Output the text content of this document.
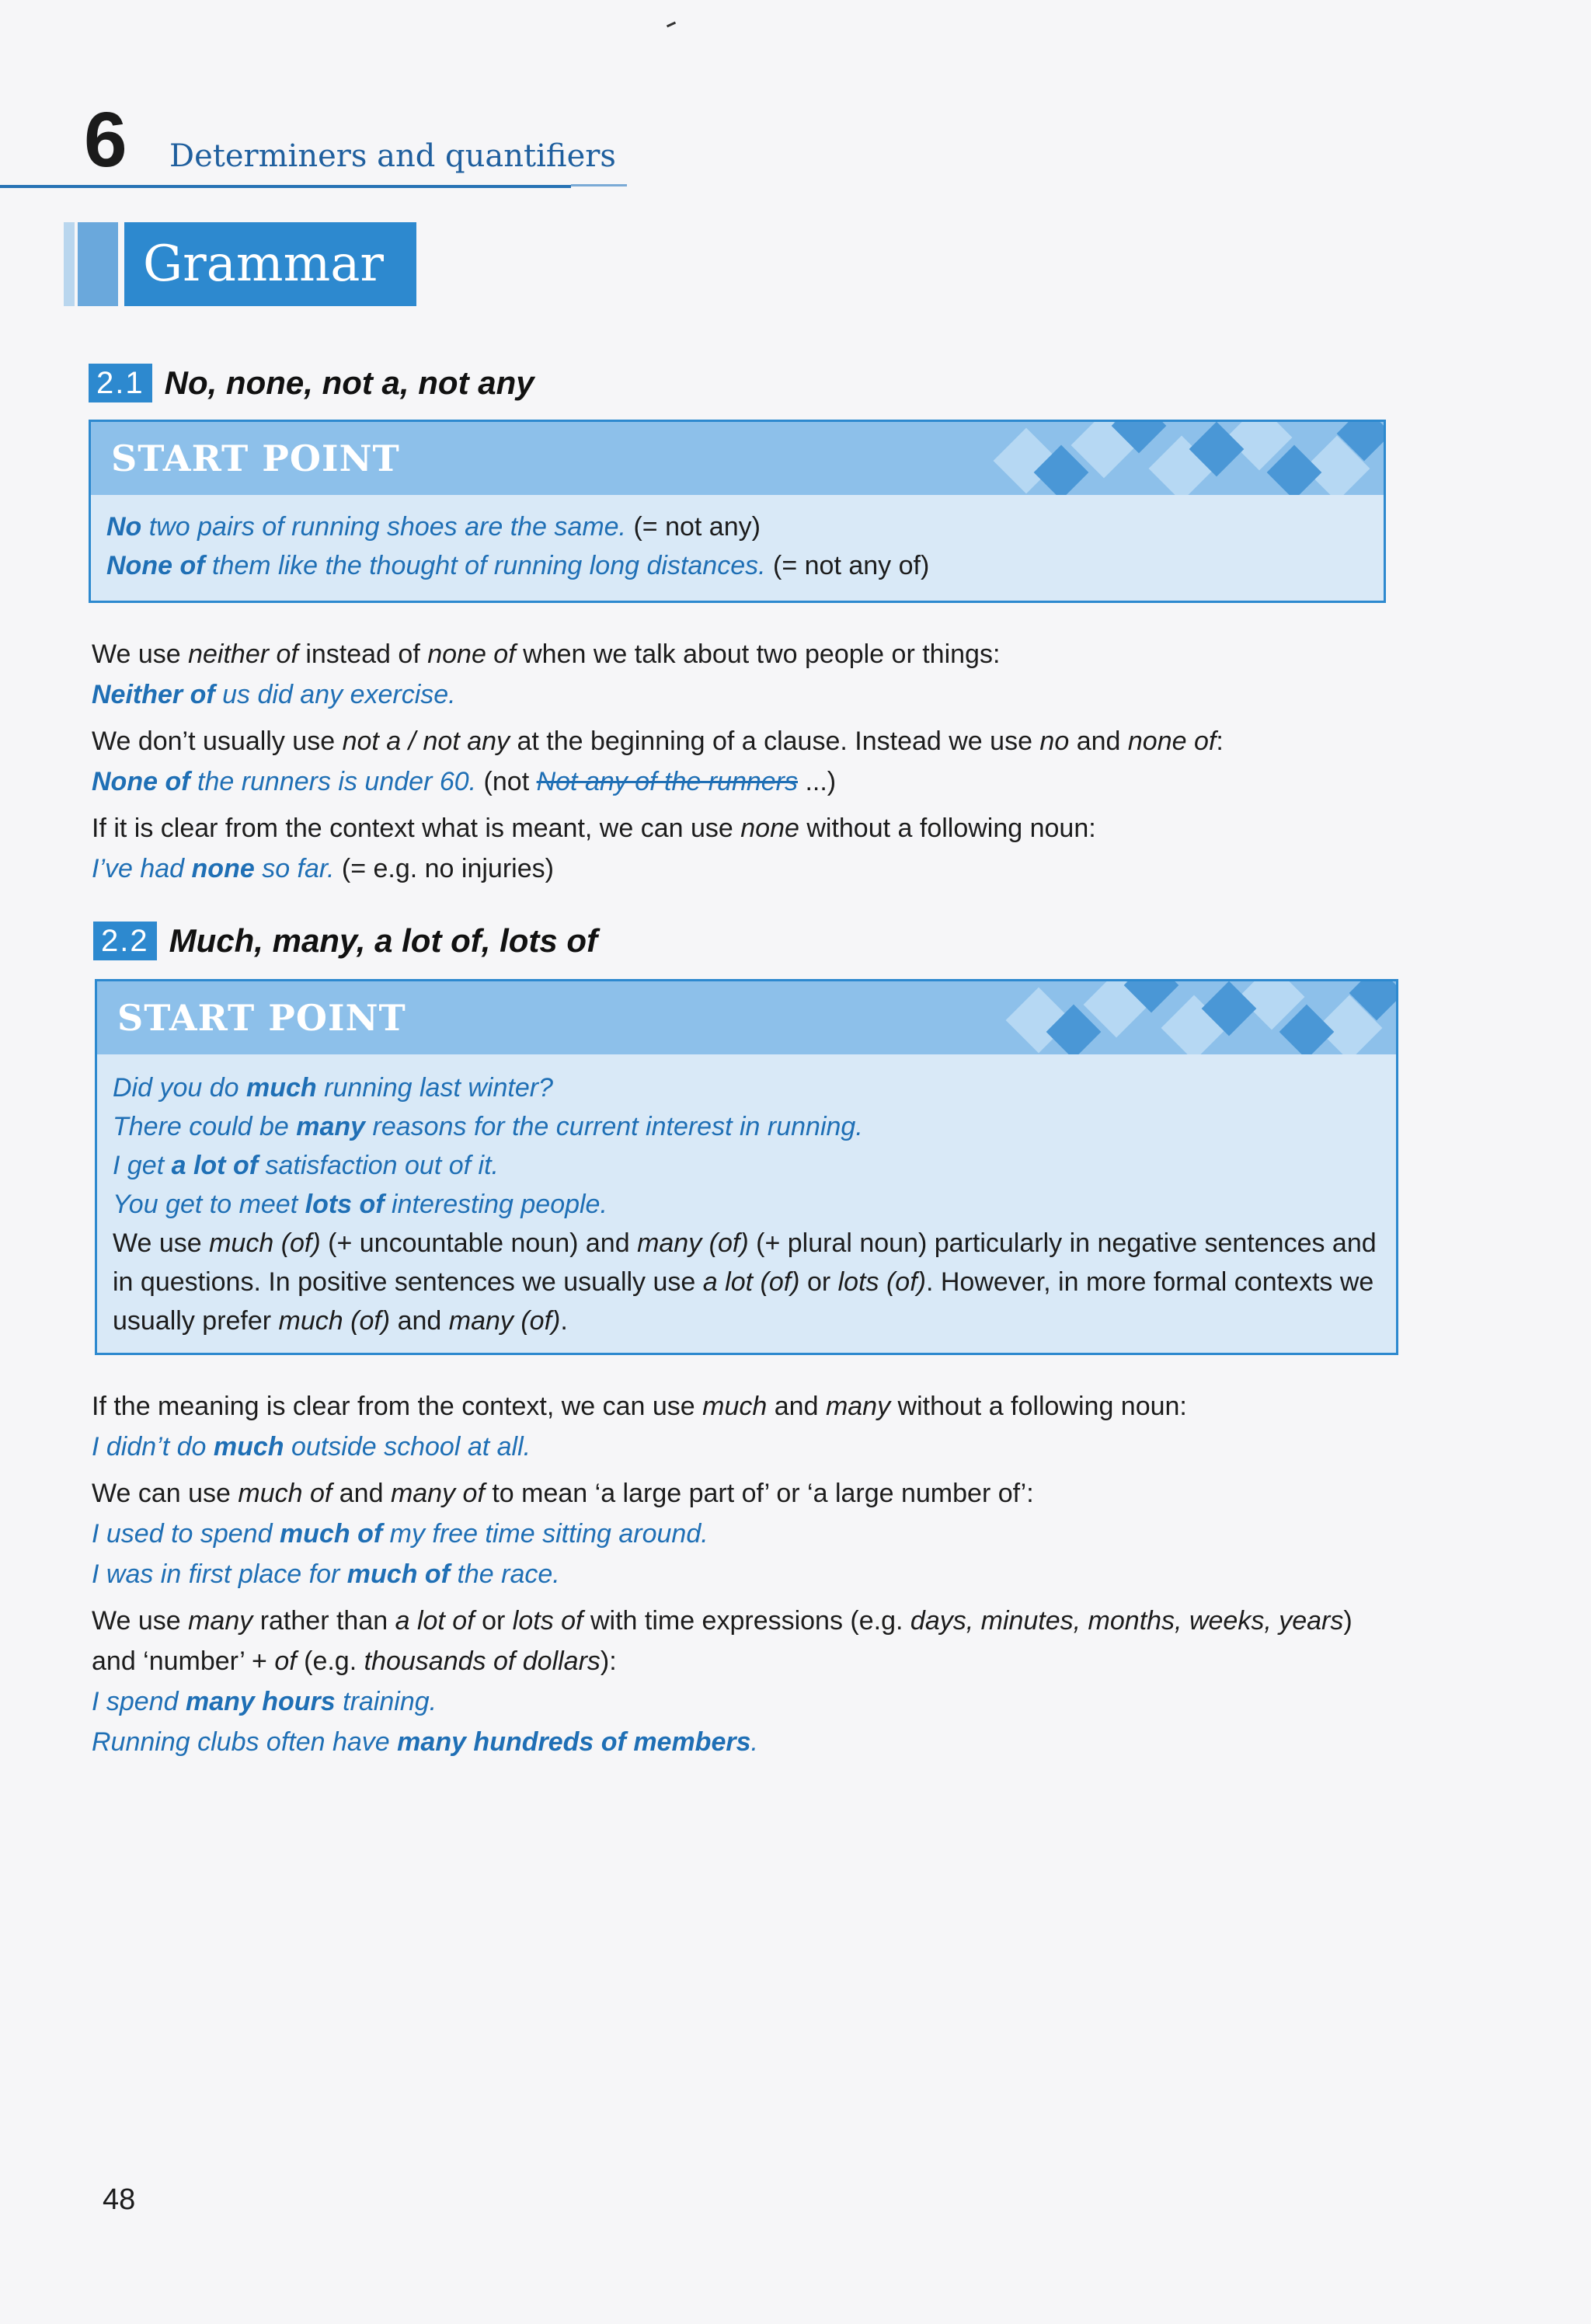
6 Determiners and quantifiers
Grammar
2.1 No, none, not a, not any
START POINT

No two pairs of running shoes are the same. (= not any)

None of them like the thought of running long distances. (= not any of)

We use neither of instead of none of when we talk about two people or things:

Neither of us did any exercise.

We don’t usually use not a / not any at the beginning of a clause. Instead we use no and none of:

None of the runners is under 60. (not Not any of the runners ...)

If it is clear from the context what is meant, we can use none without a following noun:

I’ve had none so far. (= e.g. no injuries)

2.2 Much, many, a lot of, lots of
START POINT

Did you do much running last winter?

There could be many reasons for the current interest in running.

I get a lot of satisfaction out of it.

You get to meet lots of interesting people.

We use much (of) (+ uncountable noun) and many (of) (+ plural noun) particularly in negative sentences and in questions. In positive sentences we usually use a lot (of) or lots (of). However, in more formal contexts we usually prefer much (of) and many (of).

If the meaning is clear from the context, we can use much and many without a following noun:

I didn’t do much outside school at all.

We can use much of and many of to mean ‘a large part of’ or ‘a large number of’:

I used to spend much of my free time sitting around.

I was in first place for much of the race.

We use many rather than a lot of or lots of with time expressions (e.g. days, minutes, months, weeks, years) and ‘number’ + of (e.g. thousands of dollars):

I spend many hours training.

Running clubs often have many hundreds of members.

48
